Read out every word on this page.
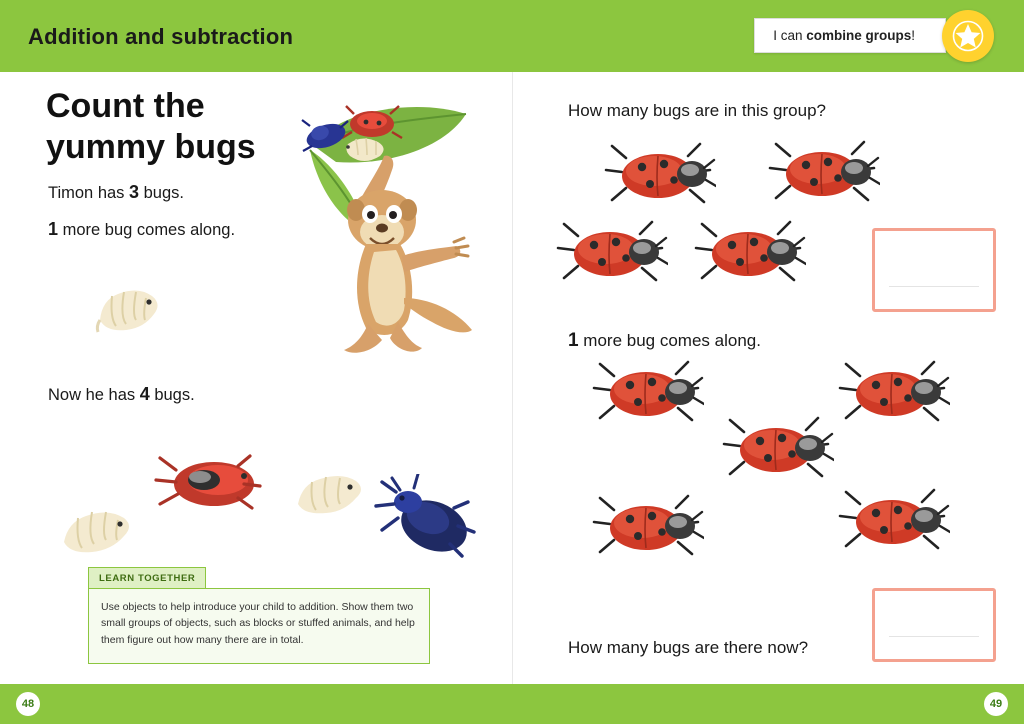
Addition and subtraction	I can combine groups!
Count the
yummy bugs
Timon has 3 bugs.
1 more bug comes along.
Now he has 4 bugs.
LEARN TOGETHER
Use objects to help introduce your child to addition. Show them two small groups of objects, such as blocks or stuffed animals, and help them figure out how many there are in total.
How many bugs are in this group?
1 more bug comes along.
How many bugs are there now?
48	49
